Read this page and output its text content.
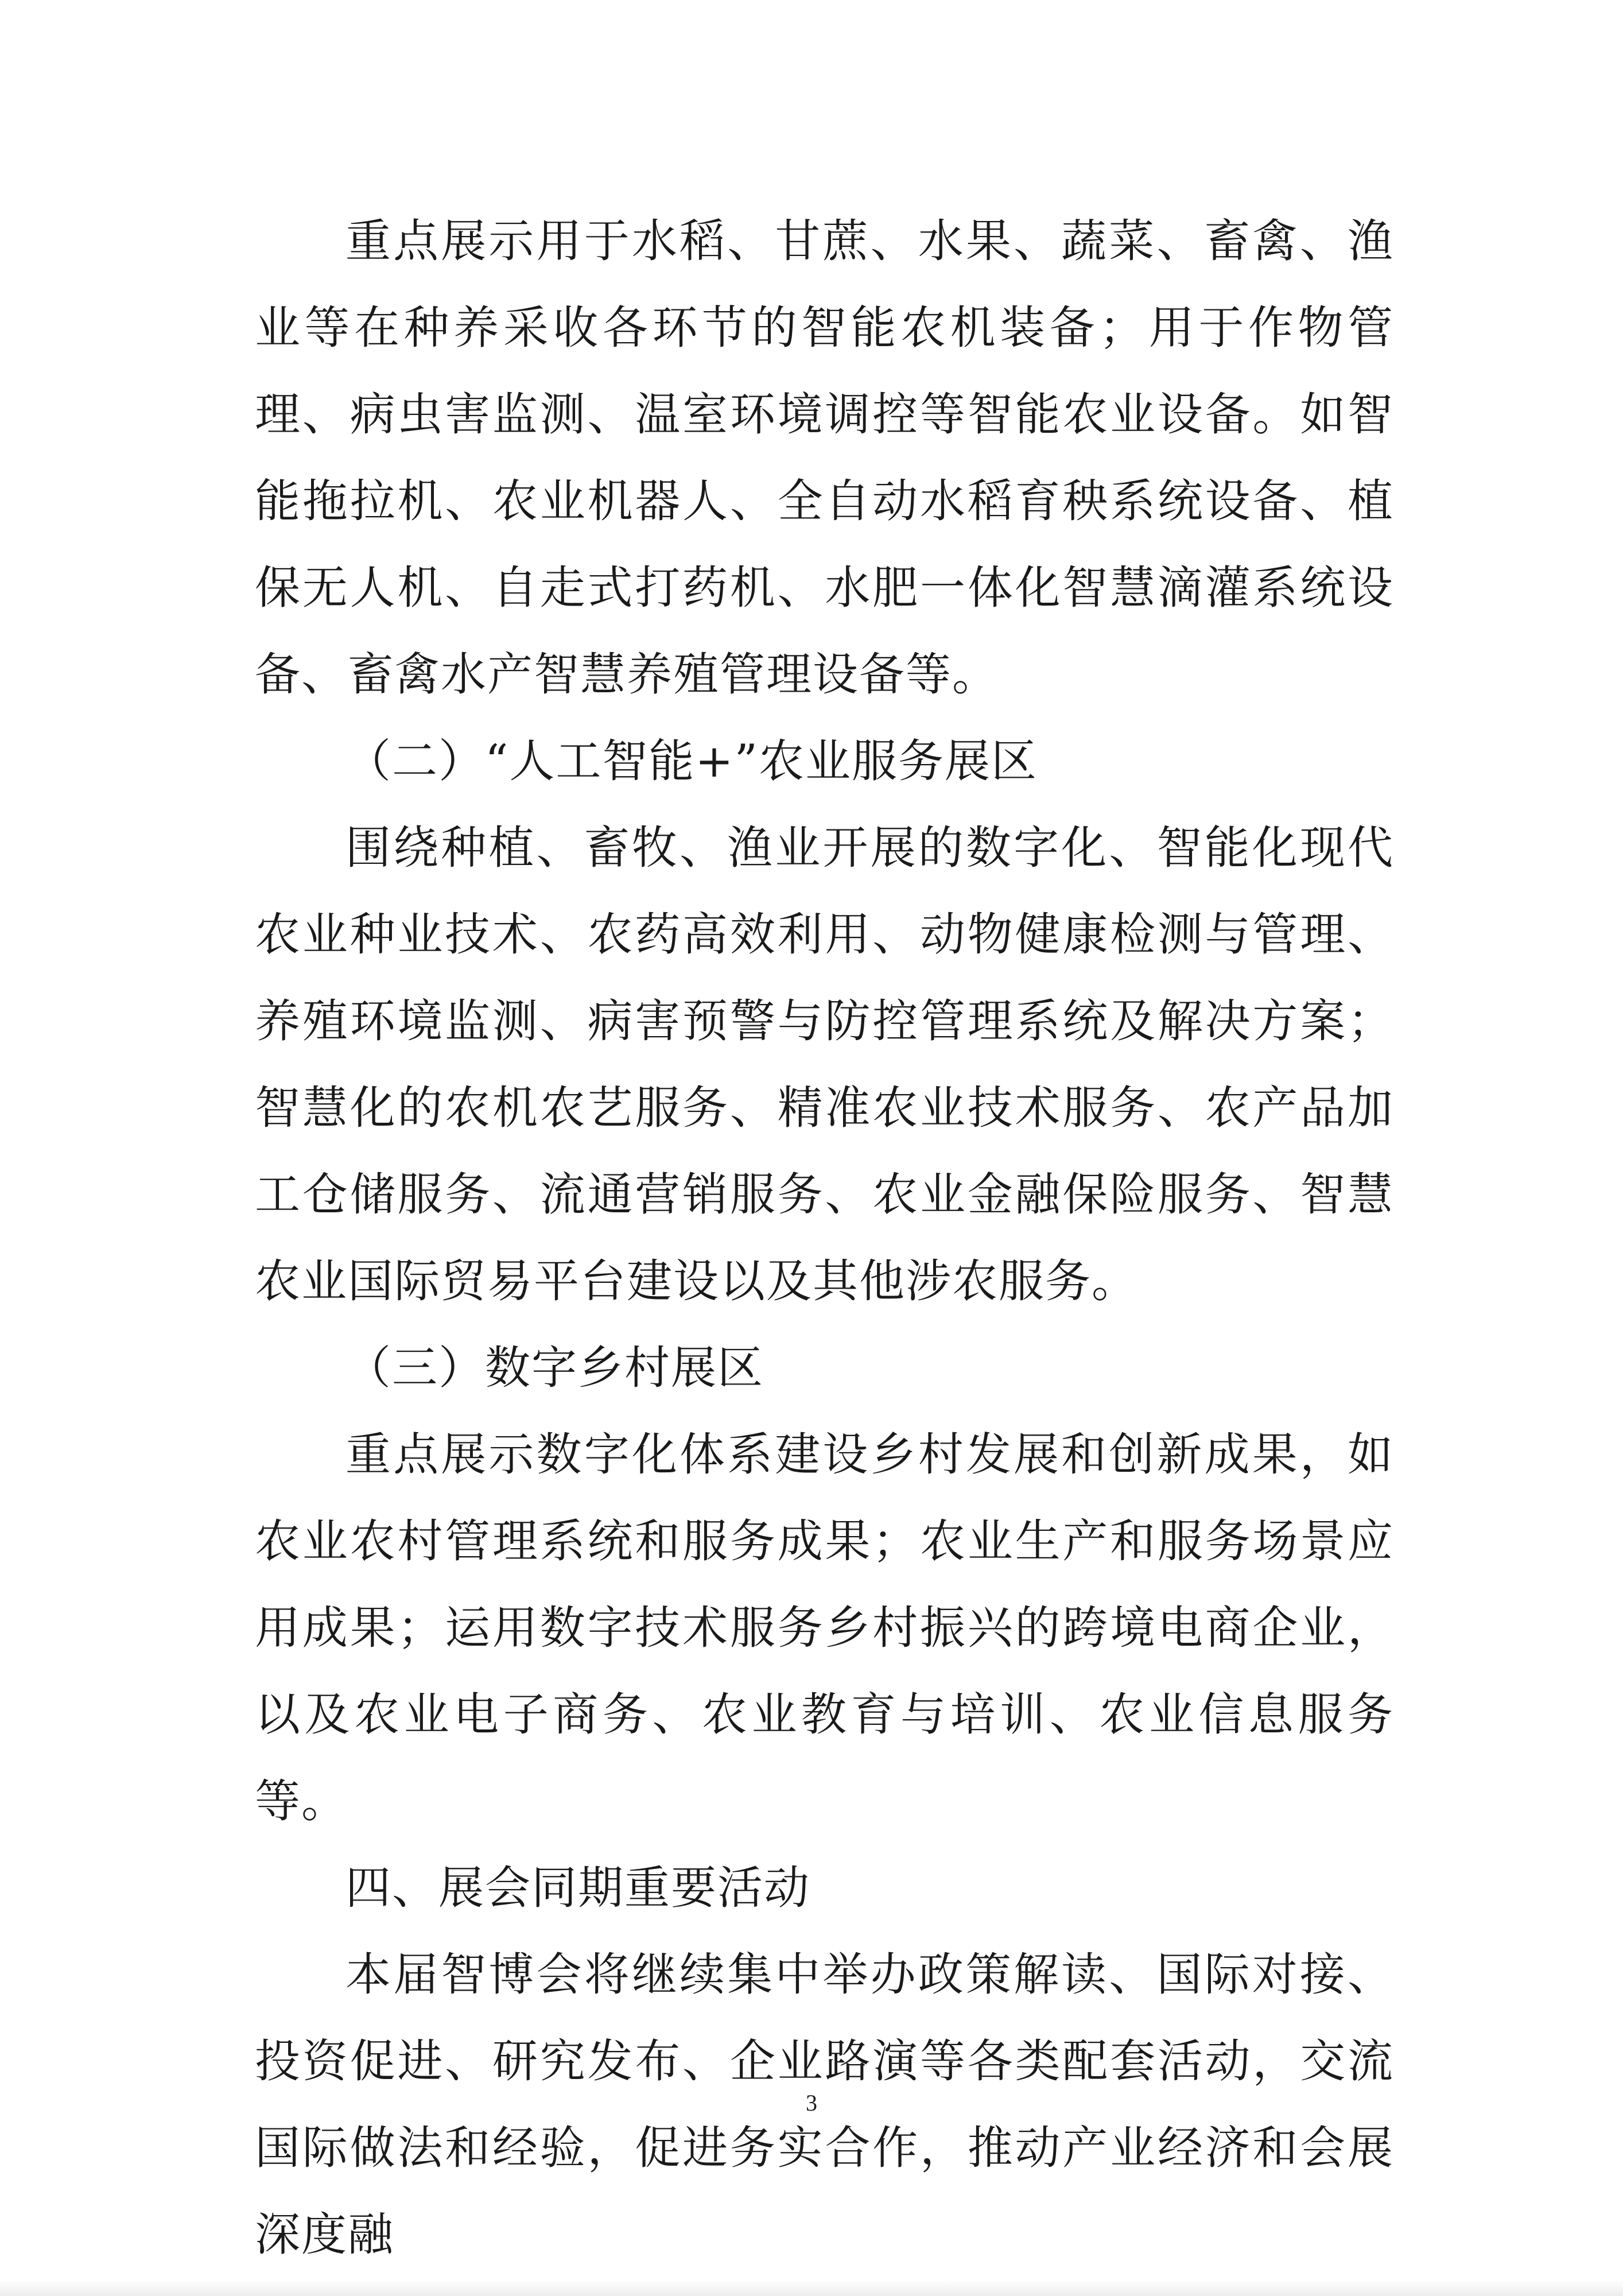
重点展示用于水稻、甘蔗、水果、蔬菜、畜禽、渔业等在种养采收各环节的智能农机装备；用于作物管理、病虫害监测、温室环境调控等智能农业设备。如智能拖拉机、农业机器人、全自动水稻育秧系统设备、植保无人机、自走式打药机、水肥一体化智慧滴灌系统设备、畜禽水产智慧养殖管理设备等。

（二）“人工智能+”农业服务展区

围绕种植、畜牧、渔业开展的数字化、智能化现代农业种业技术、农药高效利用、动物健康检测与管理、养殖环境监测、病害预警与防控管理系统及解决方案；智慧化的农机农艺服务、精准农业技术服务、农产品加工仓储服务、流通营销服务、农业金融保险服务、智慧农业国际贸易平台建设以及其他涉农服务。

（三）数字乡村展区

重点展示数字化体系建设乡村发展和创新成果，如农业农村管理系统和服务成果；农业生产和服务场景应用成果；运用数字技术服务乡村振兴的跨境电商企业，以及农业电子商务、农业教育与培训、农业信息服务等。

四、展会同期重要活动

本届智博会将继续集中举办政策解读、国际对接、投资促进、研究发布、企业路演等各类配套活动，交流国际做法和经验，促进务实合作，推动产业经济和会展深度融

3
